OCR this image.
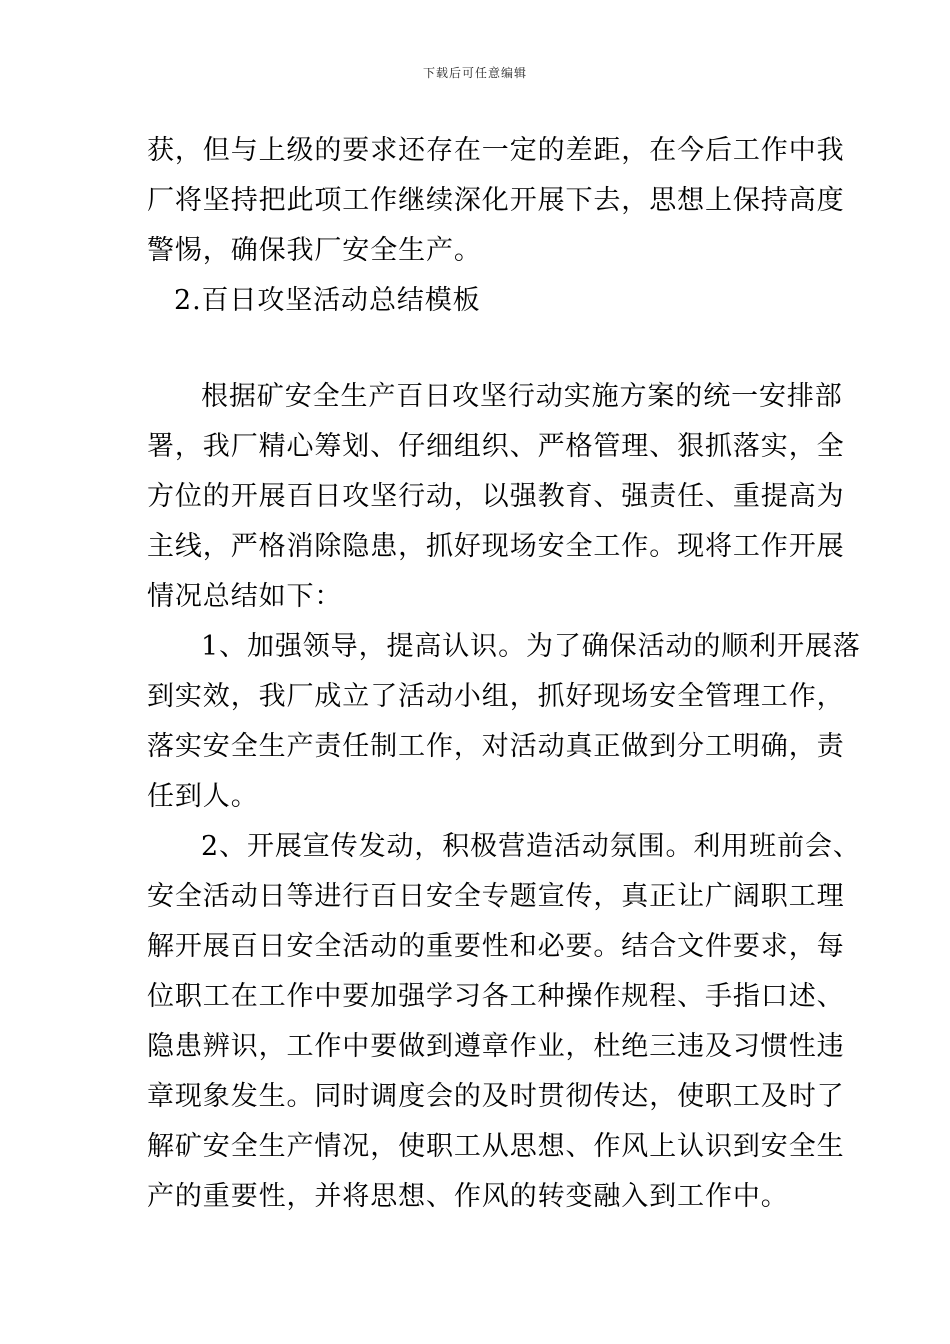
下载后可任意编辑
获，但与上级的要求还存在一定的差距，在今后工作中我
厂将坚持把此项工作继续深化开展下去，思想上保持高度
警惕，确保我厂安全生产。
2.百日攻坚活动总结模板
根据矿安全生产百日攻坚行动实施方案的统一安排部
署，我厂精心筹划、仔细组织、严格管理、狠抓落实，全
方位的开展百日攻坚行动，以强教育、强责任、重提高为
主线，严格消除隐患，抓好现场安全工作。现将工作开展
情况总结如下：
1、加强领导，提高认识。为了确保活动的顺利开展落
到实效，我厂成立了活动小组，抓好现场安全管理工作，
落实安全生产责任制工作，对活动真正做到分工明确，责
任到人。
2、开展宣传发动，积极营造活动氛围。利用班前会、
安全活动日等进行百日安全专题宣传，真正让广阔职工理
解开展百日安全活动的重要性和必要。结合文件要求，每
位职工在工作中要加强学习各工种操作规程、手指口述、
隐患辨识，工作中要做到遵章作业，杜绝三违及习惯性违
章现象发生。同时调度会的及时贯彻传达，使职工及时了
解矿安全生产情况，使职工从思想、作风上认识到安全生
产的重要性，并将思想、作风的转变融入到工作中。
